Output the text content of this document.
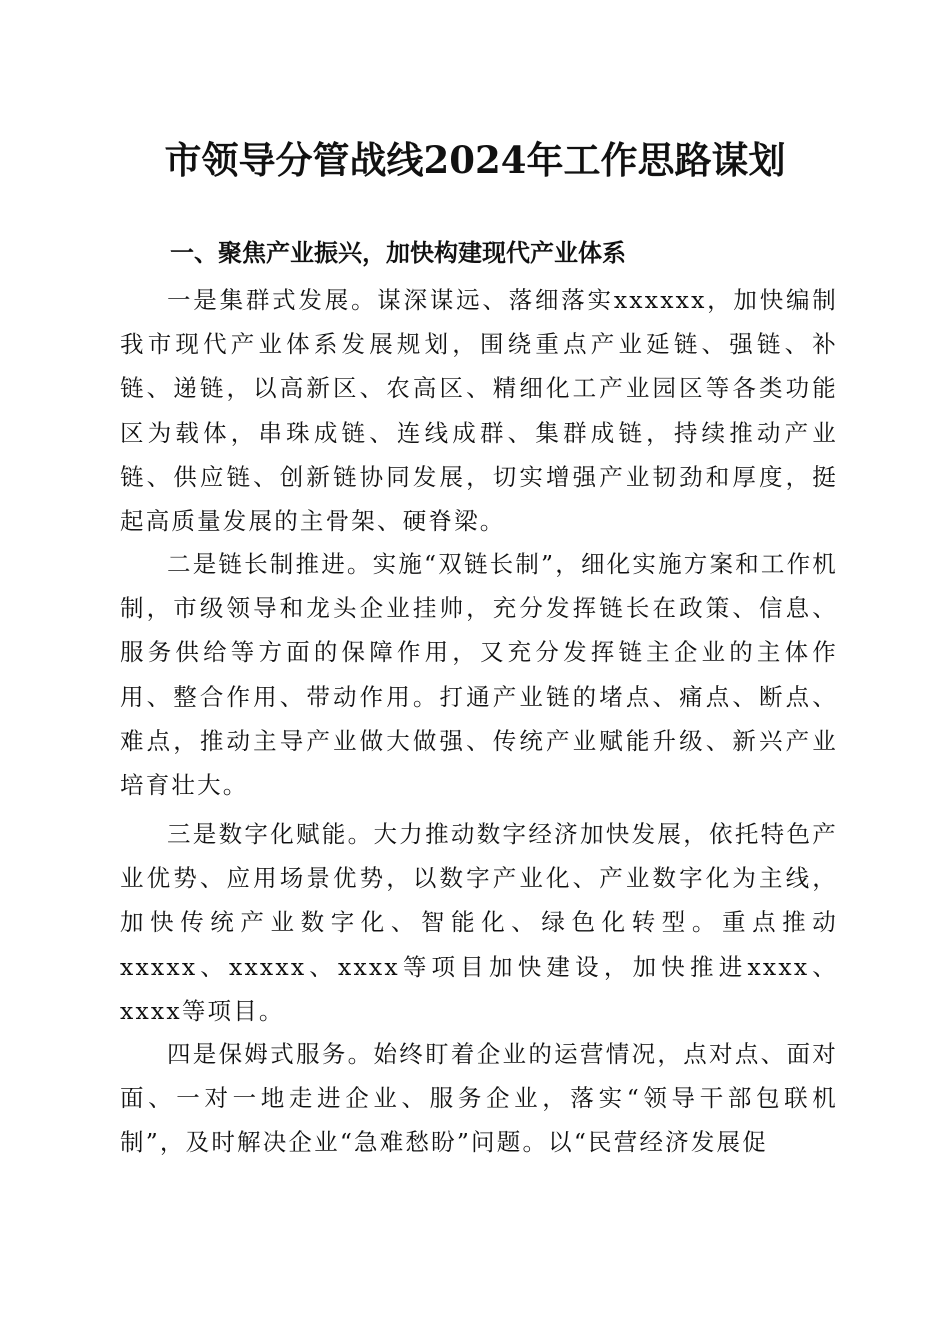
市领导分管战线2024年工作思路谋划
一、聚焦产业振兴，加快构建现代产业体系

一是集群式发展。谋深谋远、落细落实xxxxxx，加快编制我市现代产业体系发展规划，围绕重点产业延链、强链、补链、递链，以高新区、农高区、精细化工产业园区等各类功能区为载体，串珠成链、连线成群、集群成链，持续推动产业链、供应链、创新链协同发展，切实增强产业韧劲和厚度，挺起高质量发展的主骨架、硬脊梁。

二是链长制推进。实施“双链长制”，细化实施方案和工作机制，市级领导和龙头企业挂帅，充分发挥链长在政策、信息、服务供给等方面的保障作用，又充分发挥链主企业的主体作用、整合作用、带动作用。打通产业链的堵点、痛点、断点、难点，推动主导产业做大做强、传统产业赋能升级、新兴产业培育壮大。

三是数字化赋能。大力推动数字经济加快发展，依托特色产业优势、应用场景优势，以数字产业化、产业数字化为主线，加快传统产业数字化、智能化、绿色化转型。重点推动xxxxx、xxxxx、xxxx等项目加快建设，加快推进xxxx、xxxx等项目。

四是保姆式服务。始终盯着企业的运营情况，点对点、面对面、一对一地走进企业、服务企业，落实“领导干部包联机制”，及时解决企业“急难愁盼”问题。以“民营经济发展促
